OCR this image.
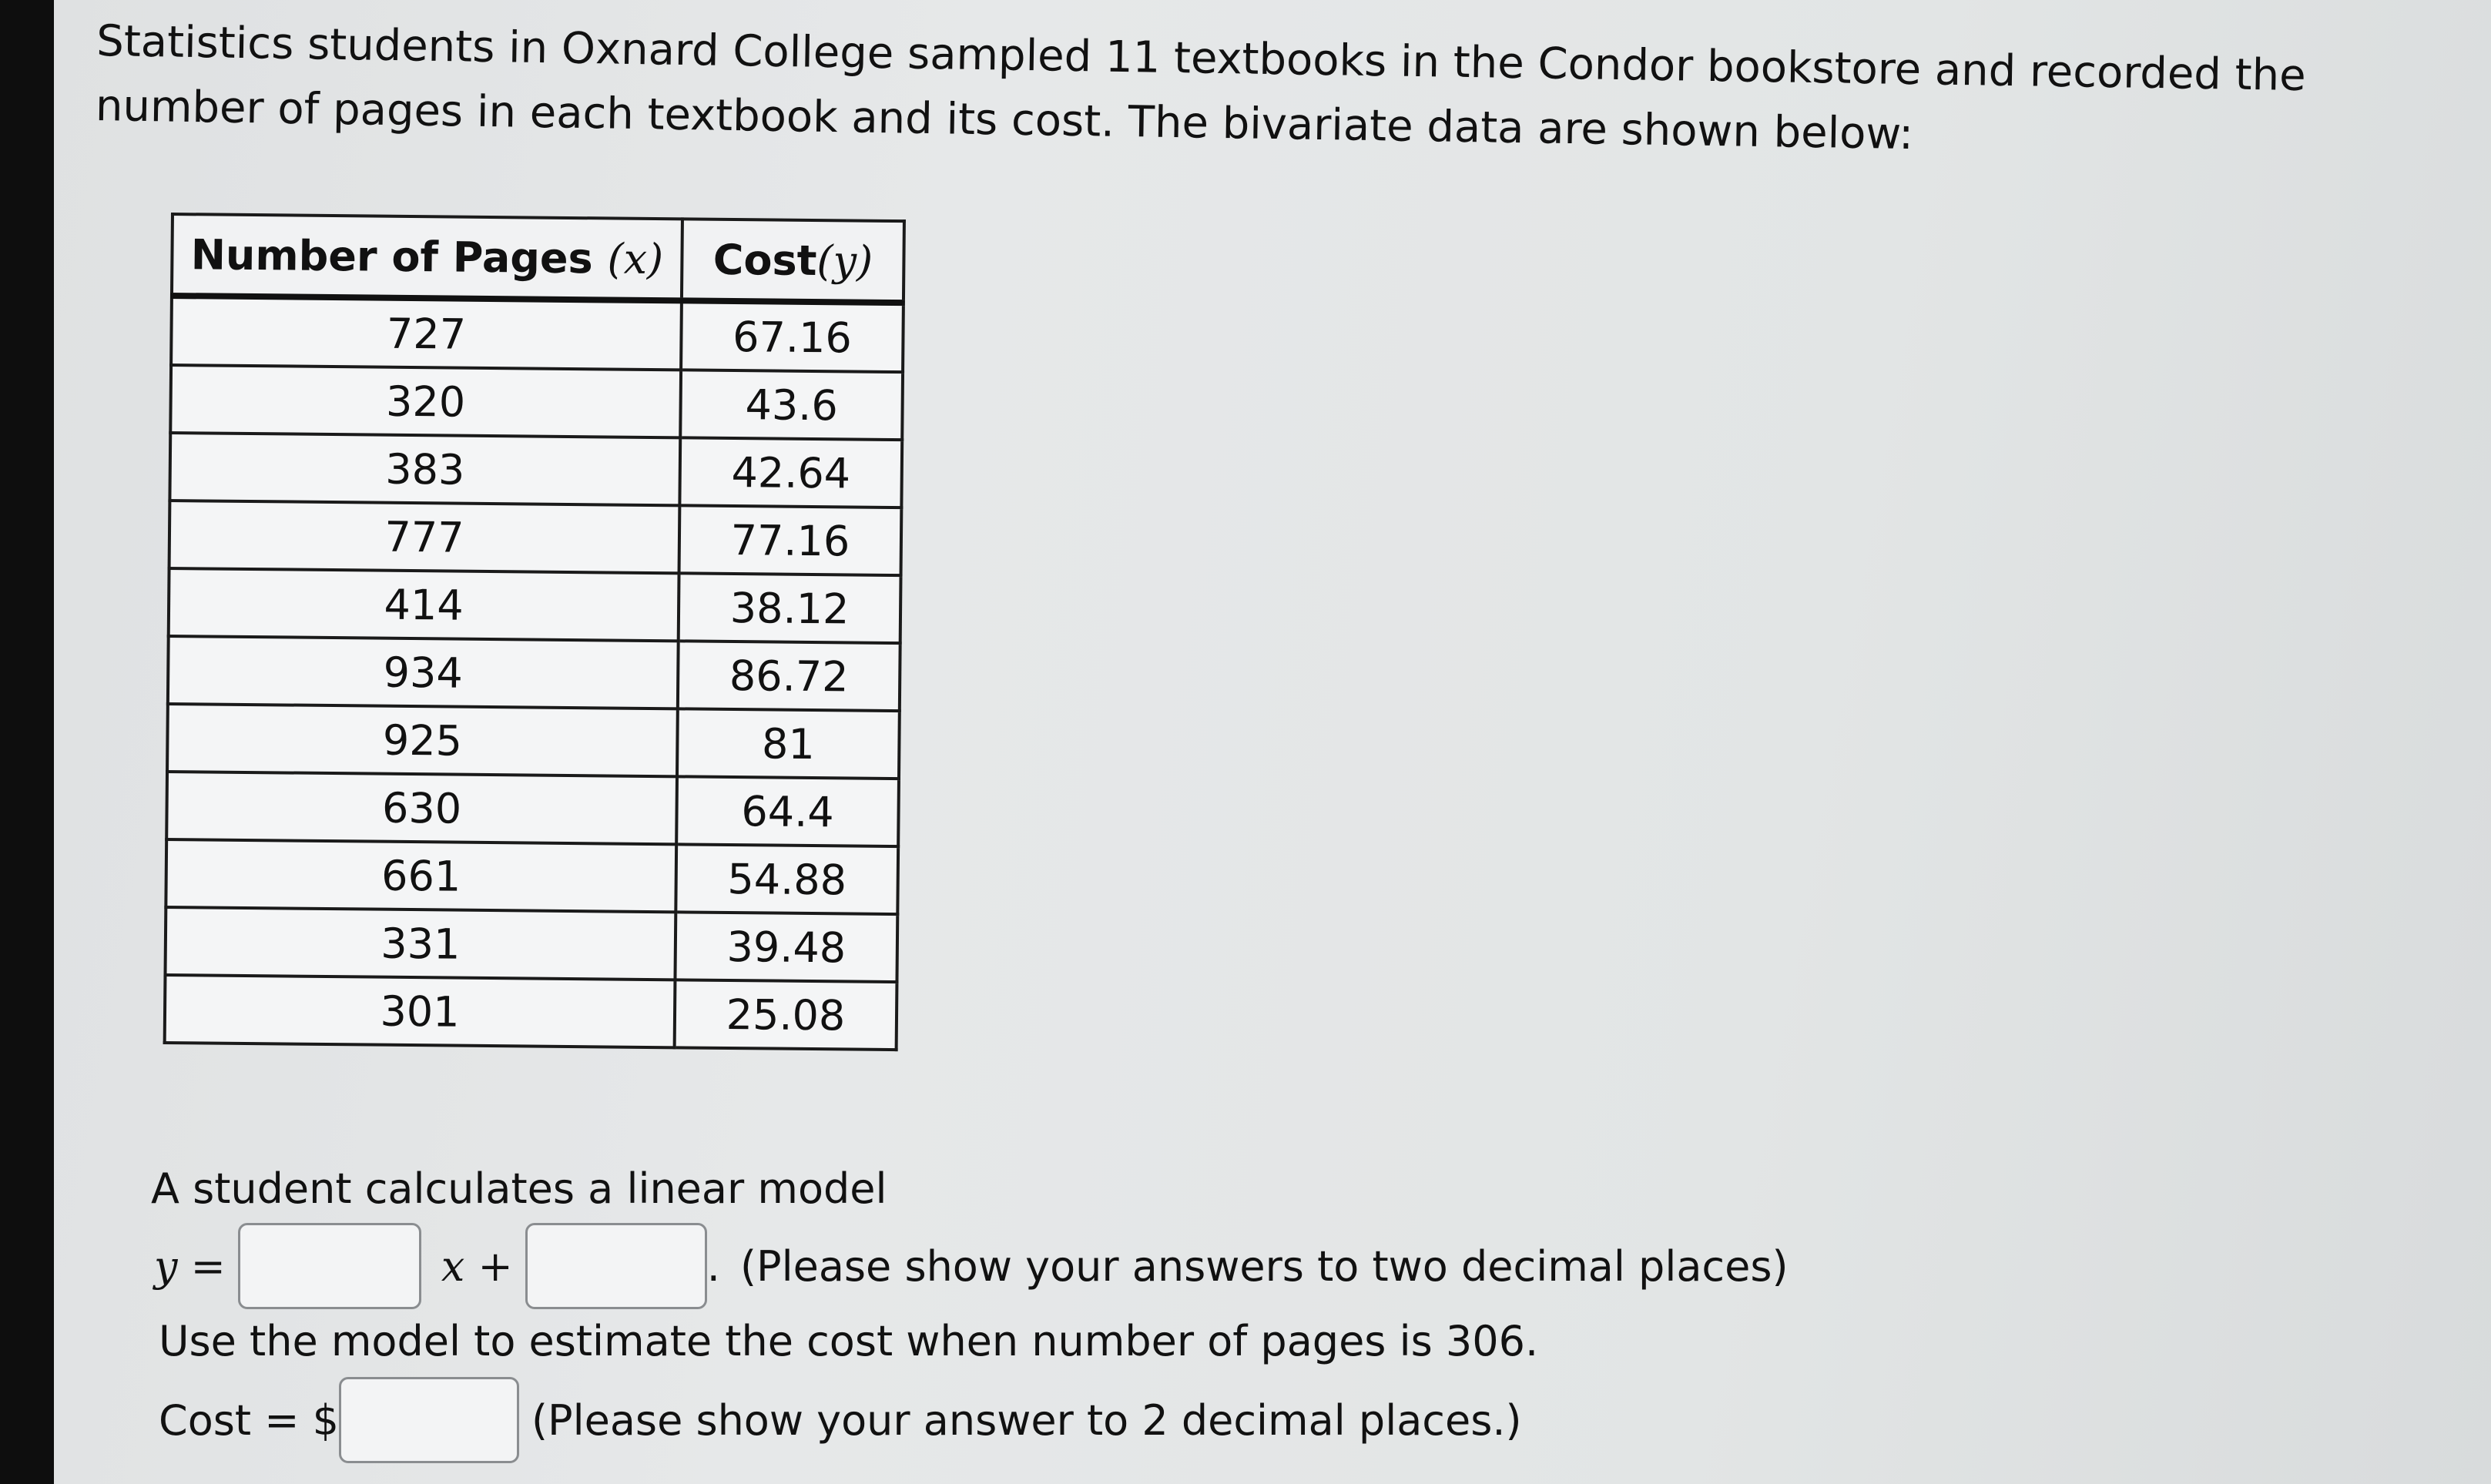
Statistics students in Oxnard College sampled 11 textbooks in the Condor bookstore and recorded the number of pages in each textbook and its cost. The bivariate data are shown below:

Number of Pages (x)	Cost(y)
727	67.16
320	43.6
383	42.64
777	77.16
414	38.12
934	86.72
925	81
630	64.4
661	54.88
331	39.48
301	25.08
A student calculates a linear model
y =	x +	. (Please show your answers to two decimal places)
Use the model to estimate the cost when number of pages is 306.
Cost = $	(Please show your answer to 2 decimal places.)
